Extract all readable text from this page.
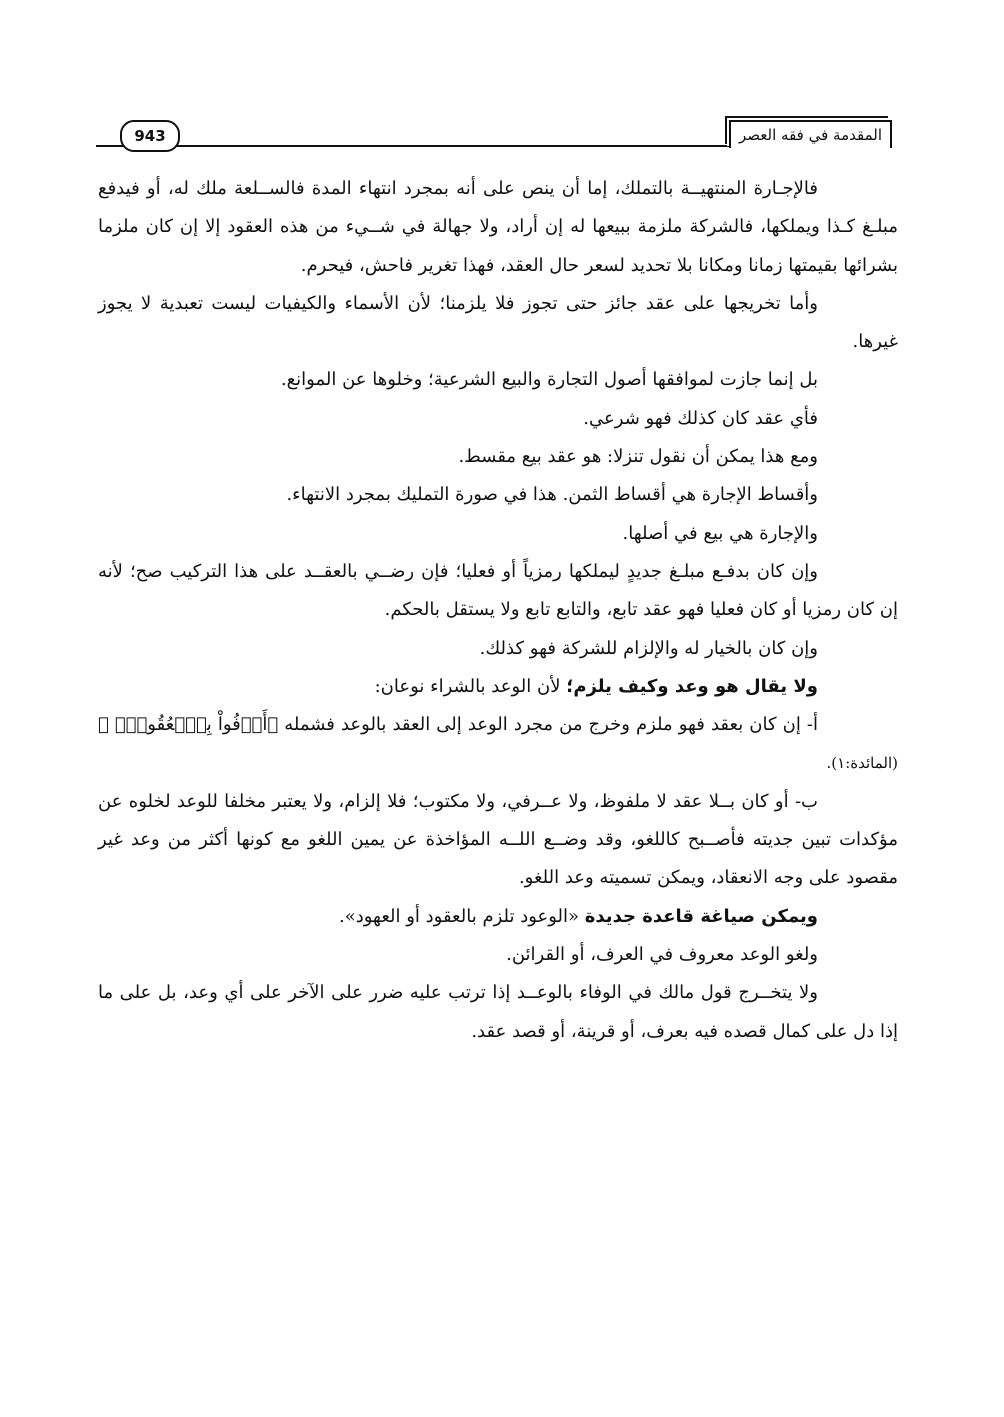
المقدمة في فقه العصر
943

فالإجـارة المنتهيــة بالتملك، إما أن ينص على أنه بمجرد انتهاء المدة فالســلعة ملك له، أو فيدفع مبلـغ كـذا ويملكها، فالشركة ملزمة ببيعها له إن أراد، ولا جهالة في شــيء من هذه العقود إلا إن كان ملزما بشرائها بقيمتها زمانا ومكانا بلا تحديد لسعر حال العقد، فهذا تغرير فاحش، فيحرم.

وأما تخريجها على عقد جائز حتى تجوز فلا يلزمنا؛ لأن الأسماء والكيفيات ليست تعبدية لا يجوز غيرها.

بل إنما جازت لموافقها أصول التجارة والبيع الشرعية؛ وخلوها عن الموانع.

فأي عقد كان كذلك فهو شرعي.

ومع هذا يمكن أن نقول تنزلا: هو عقد بيع مقسط.

وأقساط الإجارة هي أقساط الثمن. هذا في صورة التمليك بمجرد الانتهاء.

والإجارة هي بيع في أصلها.

وإن كان بدفـع مبلـغ جديدٍ ليملكها رمزياً أو فعليا؛ فإن رضــي بالعقــد على هذا التركيب صح؛ لأنه إن كان رمزيا أو كان فعليا فهو عقد تابع، والتابع تابع ولا يستقل بالحكم.

وإن كان بالخيار له والإلزام للشركة فهو كذلك.

ولا يقال هو وعد وكيف يلزم؛ لأن الوعد بالشراء نوعان:

أ- إن كان بعقد فهو ملزم وخرج من مجرد الوعد إلى العقد بالوعد فشمله ﴿أَوۡفُواْ بِٱلۡعُقُودِۚ ﴾ (المائدة:١).

ب- أو كان بــلا عقد لا ملفوظ، ولا عــرفي، ولا مكتوب؛ فلا إلزام، ولا يعتبر مخلفا للوعد لخلوه عن مؤكدات تبين جديته فأصــبح كاللغو، وقد وضــع اللــه المؤاخذة عن يمين اللغو مع كونها أكثر من وعد غير مقصود على وجه الانعقاد، ويمكن تسميته وعد اللغو.

ويمكن صياغة قاعدة جديدة «الوعود تلزم بالعقود أو العهود».

ولغو الوعد معروف في العرف، أو القرائن.

ولا يتخــرج قول مالك في الوفاء بالوعــد إذا ترتب عليه ضرر على الآخر على أي وعد، بل على ما إذا دل على كمال قصده فيه بعرف، أو قرينة، أو قصد عقد.
